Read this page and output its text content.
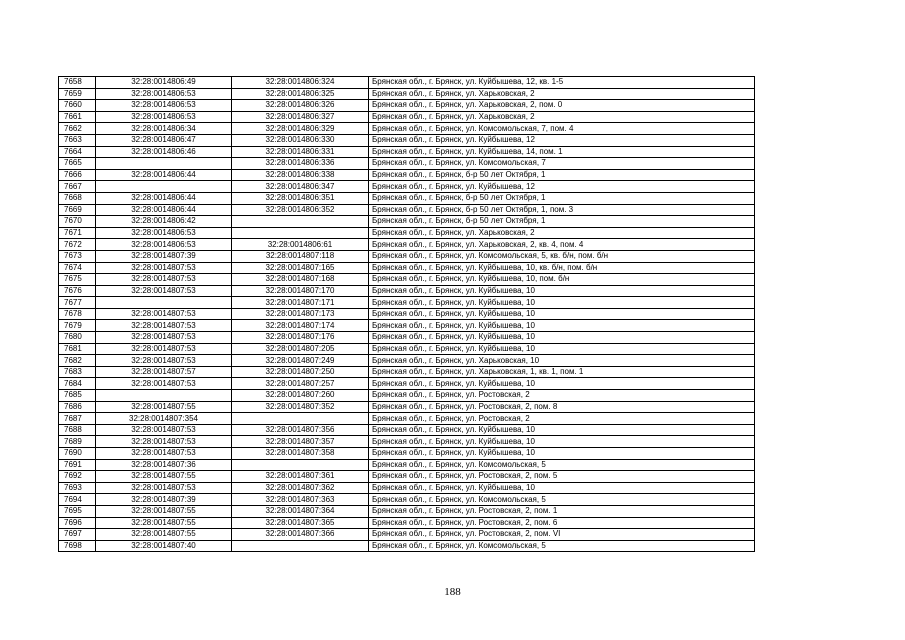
7658	32:28:0014806:49	32:28:0014806:324	Брянская обл., г. Брянск, ул. Куйбышева, 12, кв. 1-5
7659	32:28:0014806:53	32:28:0014806:325	Брянская обл., г. Брянск, ул. Харьковская, 2
7660	32:28:0014806:53	32:28:0014806:326	Брянская обл., г. Брянск, ул. Харьковская, 2, пом. 0
7661	32:28:0014806:53	32:28:0014806:327	Брянская обл., г. Брянск, ул. Харьковская, 2
7662	32:28:0014806:34	32:28:0014806:329	Брянская обл., г. Брянск, ул. Комсомольская, 7, пом. 4
7663	32:28:0014806:47	32:28:0014806:330	Брянская обл., г. Брянск, ул. Куйбышева, 12
7664	32:28:0014806:46	32:28:0014806:331	Брянская обл., г. Брянск, ул. Куйбышева, 14, пом. 1
7665		32:28:0014806:336	Брянская обл., г. Брянск, ул. Комсомольская, 7
7666	32:28:0014806:44	32:28:0014806:338	Брянская обл., г. Брянск, б-р 50 лет Октября, 1
7667		32:28:0014806:347	Брянская обл., г. Брянск, ул. Куйбышева, 12
7668	32:28:0014806:44	32:28:0014806:351	Брянская обл., г. Брянск, б-р 50 лет Октября, 1
7669	32:28:0014806:44	32:28:0014806:352	Брянская обл., г. Брянск, б-р 50 лет Октября, 1, пом. 3
7670	32:28:0014806:42		Брянская обл., г. Брянск, б-р 50 лет Октября, 1
7671	32:28:0014806:53		Брянская обл., г. Брянск, ул. Харьковская, 2
7672	32:28:0014806:53	32:28:0014806:61	Брянская обл., г. Брянск, ул. Харьковская, 2, кв. 4, пом. 4
7673	32:28:0014807:39	32:28:0014807:118	Брянская обл., г. Брянск, ул. Комсомольская, 5, кв. б/н, пом. б/н
7674	32:28:0014807:53	32:28:0014807:165	Брянская обл., г. Брянск, ул. Куйбышева, 10, кв. б/н, пом. б/н
7675	32:28:0014807:53	32:28:0014807:168	Брянская обл., г. Брянск, ул. Куйбышева, 10, пом. б/н
7676	32:28:0014807:53	32:28:0014807:170	Брянская обл., г. Брянск, ул. Куйбышева, 10
7677		32:28:0014807:171	Брянская обл., г. Брянск, ул. Куйбышева, 10
7678	32:28:0014807:53	32:28:0014807:173	Брянская обл., г. Брянск, ул. Куйбышева, 10
7679	32:28:0014807:53	32:28:0014807:174	Брянская обл., г. Брянск, ул. Куйбышева, 10
7680	32:28:0014807:53	32:28:0014807:176	Брянская обл., г. Брянск, ул. Куйбышева, 10
7681	32:28:0014807:53	32:28:0014807:205	Брянская обл., г. Брянск, ул. Куйбышева, 10
7682	32:28:0014807:53	32:28:0014807:249	Брянская обл., г. Брянск, ул. Харьковская, 10
7683	32:28:0014807:57	32:28:0014807:250	Брянская обл., г. Брянск, ул. Харьковская, 1, кв. 1, пом. 1
7684	32:28:0014807:53	32:28:0014807:257	Брянская обл., г. Брянск, ул. Куйбышева, 10
7685		32:28:0014807:260	Брянская обл., г. Брянск, ул. Ростовская, 2
7686	32:28:0014807:55	32:28:0014807:352	Брянская обл., г. Брянск, ул. Ростовская, 2, пом. 8
7687	32:28:0014807:354		Брянская обл., г. Брянск, ул. Ростовская, 2
7688	32:28:0014807:53	32:28:0014807:356	Брянская обл., г. Брянск, ул. Куйбышева, 10
7689	32:28:0014807:53	32:28:0014807:357	Брянская обл., г. Брянск, ул. Куйбышева, 10
7690	32:28:0014807:53	32:28:0014807:358	Брянская обл., г. Брянск, ул. Куйбышева, 10
7691	32:28:0014807:36		Брянская обл., г. Брянск, ул. Комсомольская, 5
7692	32:28:0014807:55	32:28:0014807:361	Брянская обл., г. Брянск, ул. Ростовская, 2, пом. 5
7693	32:28:0014807:53	32:28:0014807:362	Брянская обл., г. Брянск, ул. Куйбышева, 10
7694	32:28:0014807:39	32:28:0014807:363	Брянская обл., г. Брянск, ул. Комсомольская, 5
7695	32:28:0014807:55	32:28:0014807:364	Брянская обл., г. Брянск, ул. Ростовская, 2, пом. 1
7696	32:28:0014807:55	32:28:0014807:365	Брянская обл., г. Брянск, ул. Ростовская, 2, пом. 6
7697	32:28:0014807:55	32:28:0014807:366	Брянская обл., г. Брянск, ул. Ростовская, 2, пом. VI
7698	32:28:0014807:40		Брянская обл., г. Брянск, ул. Комсомольская, 5
188
